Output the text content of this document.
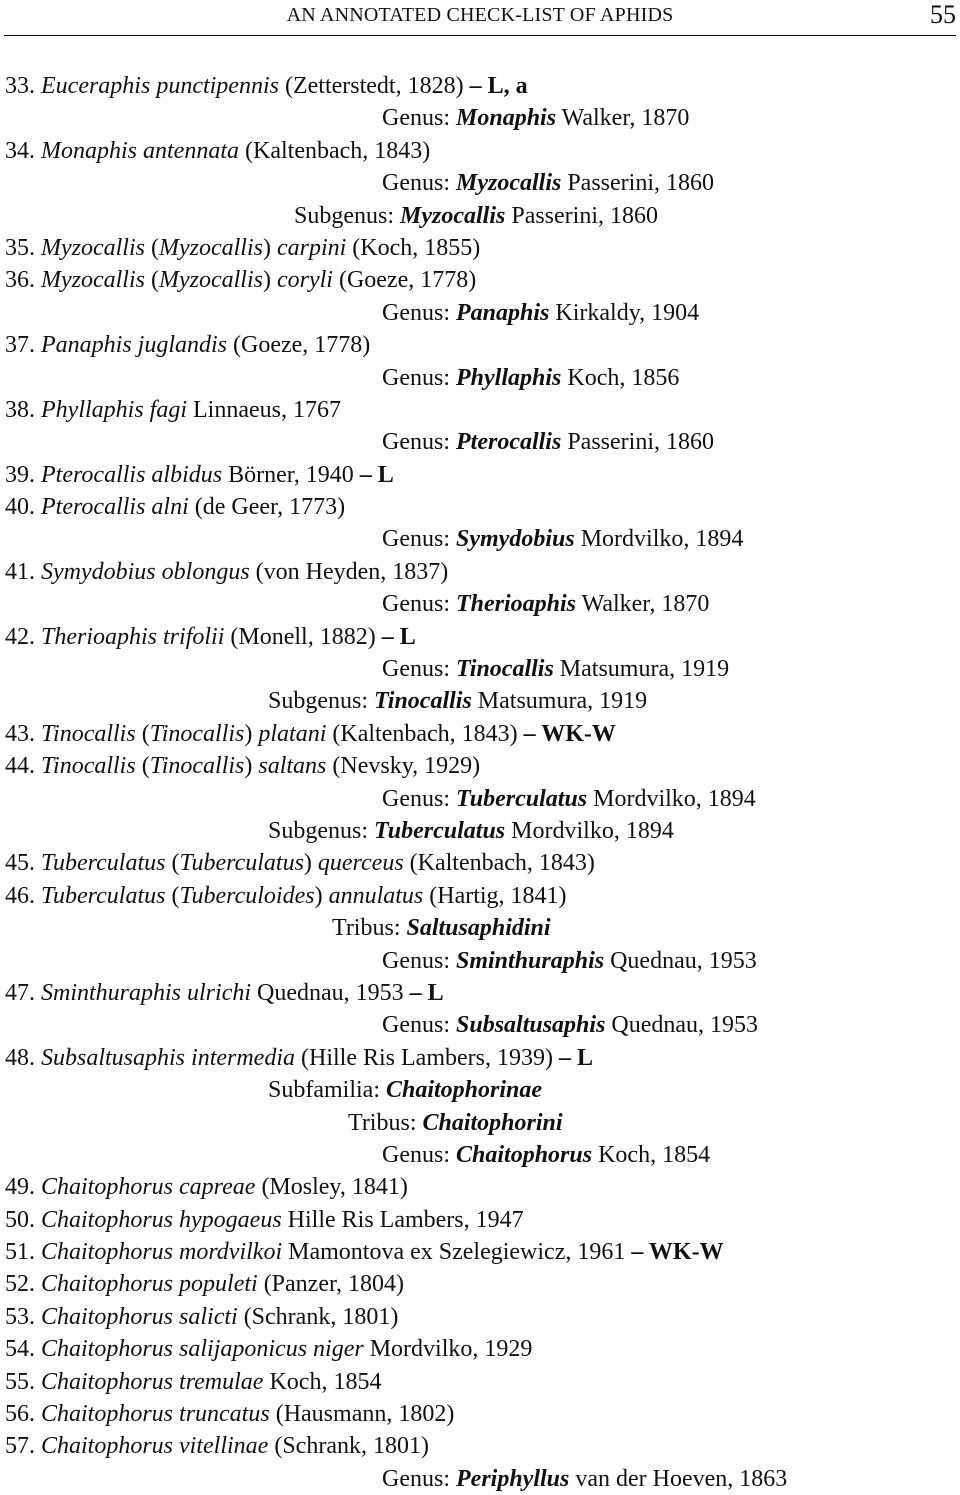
AN ANNOTATED CHECK-LIST OF APHIDS	55
33. Euceraphis punctipennis (Zetterstedt, 1828) – L, a
Genus: Monaphis Walker, 1870
34. Monaphis antennata (Kaltenbach, 1843)
Genus: Myzocallis Passerini, 1860
Subgenus: Myzocallis Passerini, 1860
35. Myzocallis (Myzocallis) carpini (Koch, 1855)
36. Myzocallis (Myzocallis) coryli (Goeze, 1778)
Genus: Panaphis Kirkaldy, 1904
37. Panaphis juglandis (Goeze, 1778)
Genus: Phyllaphis Koch, 1856
38. Phyllaphis fagi Linnaeus, 1767
Genus: Pterocallis Passerini, 1860
39. Pterocallis albidus Börner, 1940 – L
40. Pterocallis alni (de Geer, 1773)
Genus: Symydobius Mordvilko, 1894
41. Symydobius oblongus (von Heyden, 1837)
Genus: Therioaphis Walker, 1870
42. Therioaphis trifolii (Monell, 1882) – L
Genus: Tinocallis Matsumura, 1919
Subgenus: Tinocallis Matsumura, 1919
43. Tinocallis (Tinocallis) platani (Kaltenbach, 1843) – WK-W
44. Tinocallis (Tinocallis) saltans (Nevsky, 1929)
Genus: Tuberculatus Mordvilko, 1894
Subgenus: Tuberculatus Mordvilko, 1894
45. Tuberculatus (Tuberculatus) querceus (Kaltenbach, 1843)
46. Tuberculatus (Tuberculoides) annulatus (Hartig, 1841)
Tribus: Saltusaphidini
Genus: Sminthuraphis Quednau, 1953
47. Sminthuraphis ulrichi Quednau, 1953 – L
Genus: Subsaltusaphis Quednau, 1953
48. Subsaltusaphis intermedia (Hille Ris Lambers, 1939) – L
Subfamilia: Chaitophorinae
Tribus: Chaitophorini
Genus: Chaitophorus Koch, 1854
49. Chaitophorus capreae (Mosley, 1841)
50. Chaitophorus hypogaeus Hille Ris Lambers, 1947
51. Chaitophorus mordvilkoi Mamontova ex Szelegiewicz, 1961 – WK-W
52. Chaitophorus populeti (Panzer, 1804)
53. Chaitophorus salicti (Schrank, 1801)
54. Chaitophorus salijaponicus niger Mordvilko, 1929
55. Chaitophorus tremulae Koch, 1854
56. Chaitophorus truncatus (Hausmann, 1802)
57. Chaitophorus vitellinae (Schrank, 1801)
Genus: Periphyllus van der Hoeven, 1863
